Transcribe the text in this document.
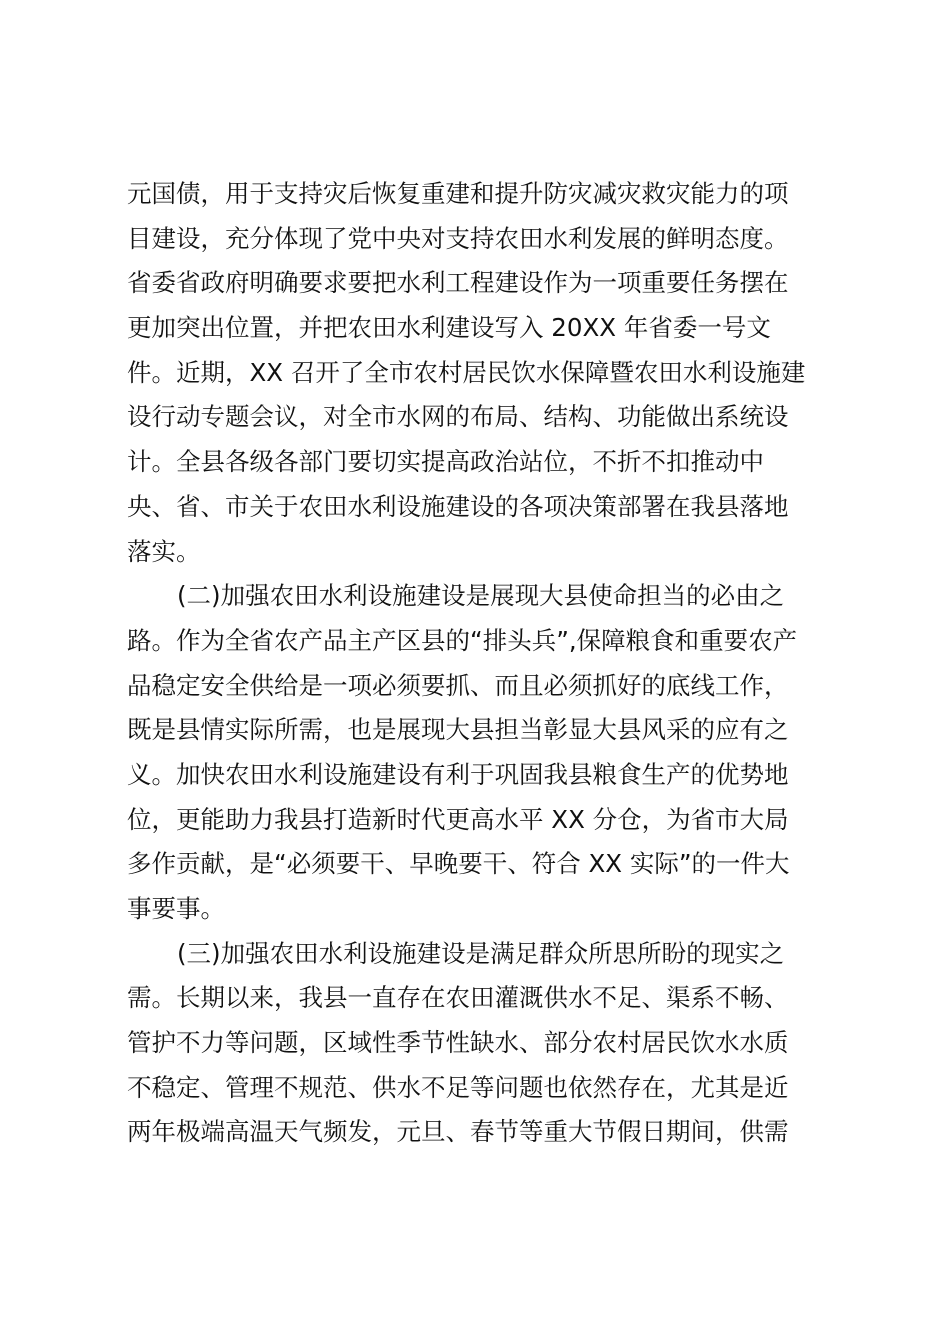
元国债，用于支持灾后恢复重建和提升防灾减灾救灾能力的项
目建设，充分体现了党中央对支持农田水利发展的鲜明态度。
省委省政府明确要求要把水利工程建设作为一项重要任务摆在
更加突出位置，并把农田水利建设写入 20XX 年省委一号文
件。近期，XX 召开了全市农村居民饮水保障暨农田水利设施建
设行动专题会议，对全市水网的布局、结构、功能做出系统设
计。全县各级各部门要切实提高政治站位，不折不扣推动中
央、省、市关于农田水利设施建设的各项决策部署在我县落地
落实。
(二)加强农田水利设施建设是展现大县使命担当的必由之
路。作为全省农产品主产区县的“排头兵”,保障粮食和重要农产
品稳定安全供给是一项必须要抓、而且必须抓好的底线工作，
既是县情实际所需，也是展现大县担当彰显大县风采的应有之
义。加快农田水利设施建设有利于巩固我县粮食生产的优势地
位，更能助力我县打造新时代更高水平 XX 分仓，为省市大局
多作贡献，是“必须要干、早晚要干、符合 XX 实际”的一件大
事要事。
(三)加强农田水利设施建设是满足群众所思所盼的现实之
需。长期以来，我县一直存在农田灌溉供水不足、渠系不畅、
管护不力等问题，区域性季节性缺水、部分农村居民饮水水质
不稳定、管理不规范、供水不足等问题也依然存在，尤其是近
两年极端高温天气频发，元旦、春节等重大节假日期间，供需
